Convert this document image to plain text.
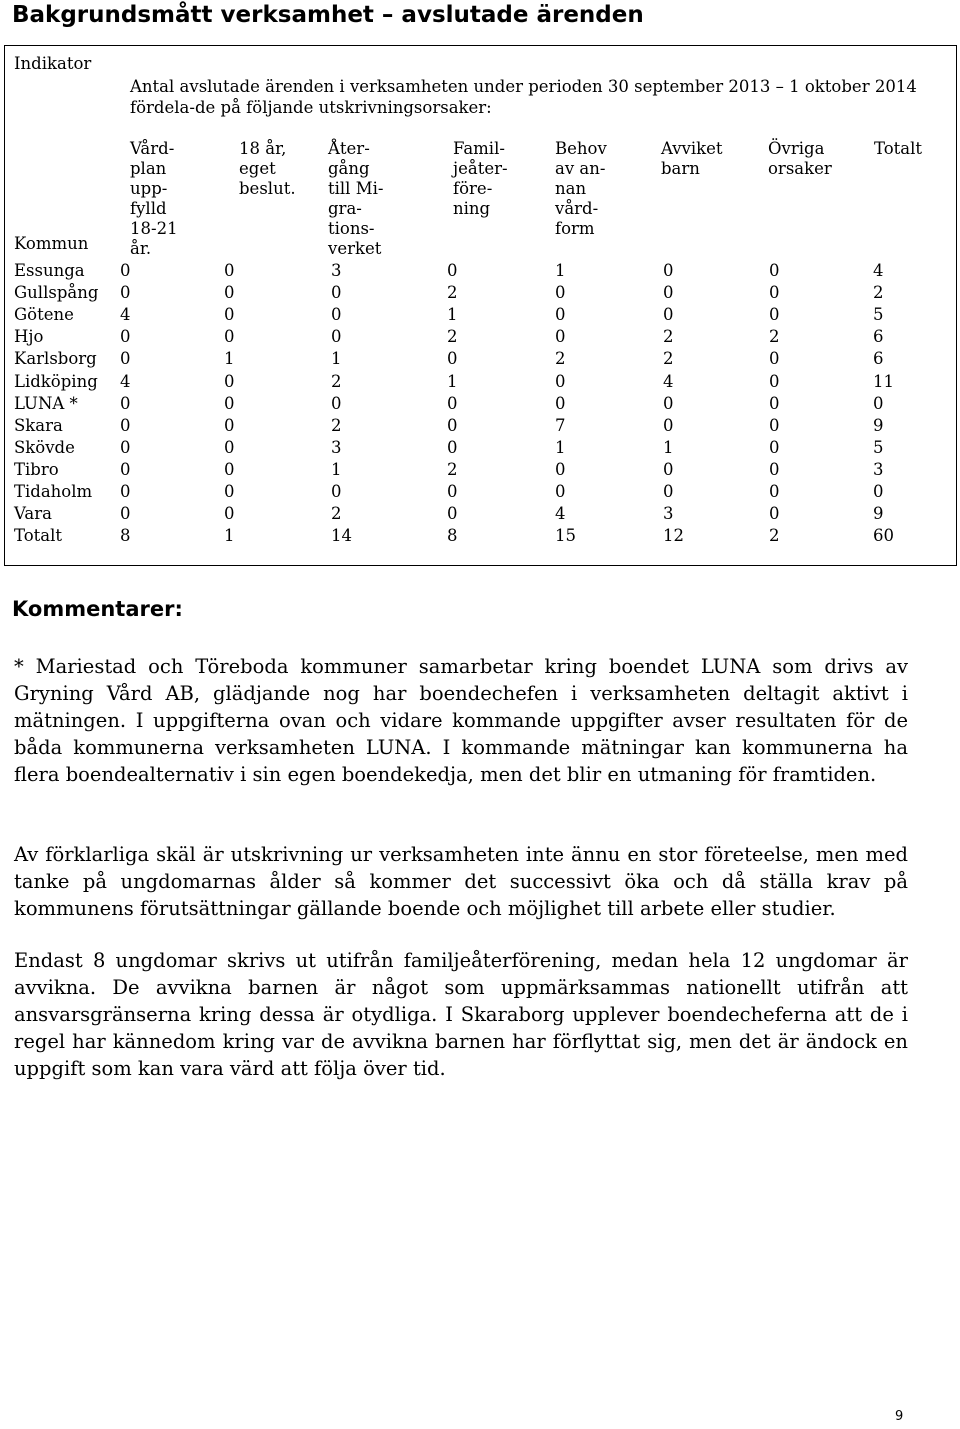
Bakgrundsmått verksamhet – avslutade ärenden
Indikator
Antal avslutade ärenden i verksamheten under perioden 30 september 2013 – 1 oktober 2014 fördela-de på följande utskrivningsorsaker:
Kommun
Vård-
plan
upp-
fylld
18-21
år.
18 år,
eget
beslut.
Åter-
gång
till Mi-
gra-
tions-
verket
Famil-
jeåter-
före-
ning
Behov
av an-
nan
vård-
form
Avviket
barn
Övriga
orsaker
Totalt
Essunga 0	0	3	0	1	0	0	4
Gullspång 0	0	0	2	0	0	0	2
Götene	4	0	0	1	0	0	0	5
Hjo	0	0	0	2	0	2	2	6
Karlsborg 0	1	1	0	2	2	0	6
Lidköping 4	0	2	1	0	4	0	11
LUNA *	0	0	0	0	0	0	0	0
Skara	0	0	2	0	7	0	0	9
Skövde	0	0	3	0	1	1	0	5
Tibro	0	0	1	2	0	0	0	3
Tidaholm 0	0	0	0	0	0	0	0
Vara	0	0	2	0	4	3	0	9
Totalt	8	1	14	8	15	12	2	60
Kommentarer:

* Mariestad och Töreboda kommuner samarbetar kring boendet LUNA som drivs av Gryning Vård AB, glädjande nog har boendechefen i verksamheten deltagit aktivt i mätningen. I uppgifterna ovan och vidare kommande uppgifter avser resultaten för de båda kommunerna verksamheten LUNA. I kommande mätningar kan kommunerna ha flera boendealternativ i sin egen boendekedja, men det blir en utmaning för framtiden.

Av förklarliga skäl är utskrivning ur verksamheten inte ännu en stor företeelse, men med tanke på ungdomarnas ålder så kommer det successivt öka och då ställa krav på kommunens förutsättningar gällande boende och möjlighet till arbete eller studier.

Endast 8 ungdomar skrivs ut utifrån familjeåterförening, medan hela 12 ungdomar är avvikna. De avvikna barnen är något som uppmärksammas nationellt utifrån att ansvarsgränserna kring dessa är otydliga. I Skaraborg upplever boendecheferna att de i regel har kännedom kring var de avvikna barnen har förflyttat sig, men det är ändock en uppgift som kan vara värd att följa över tid.

9
